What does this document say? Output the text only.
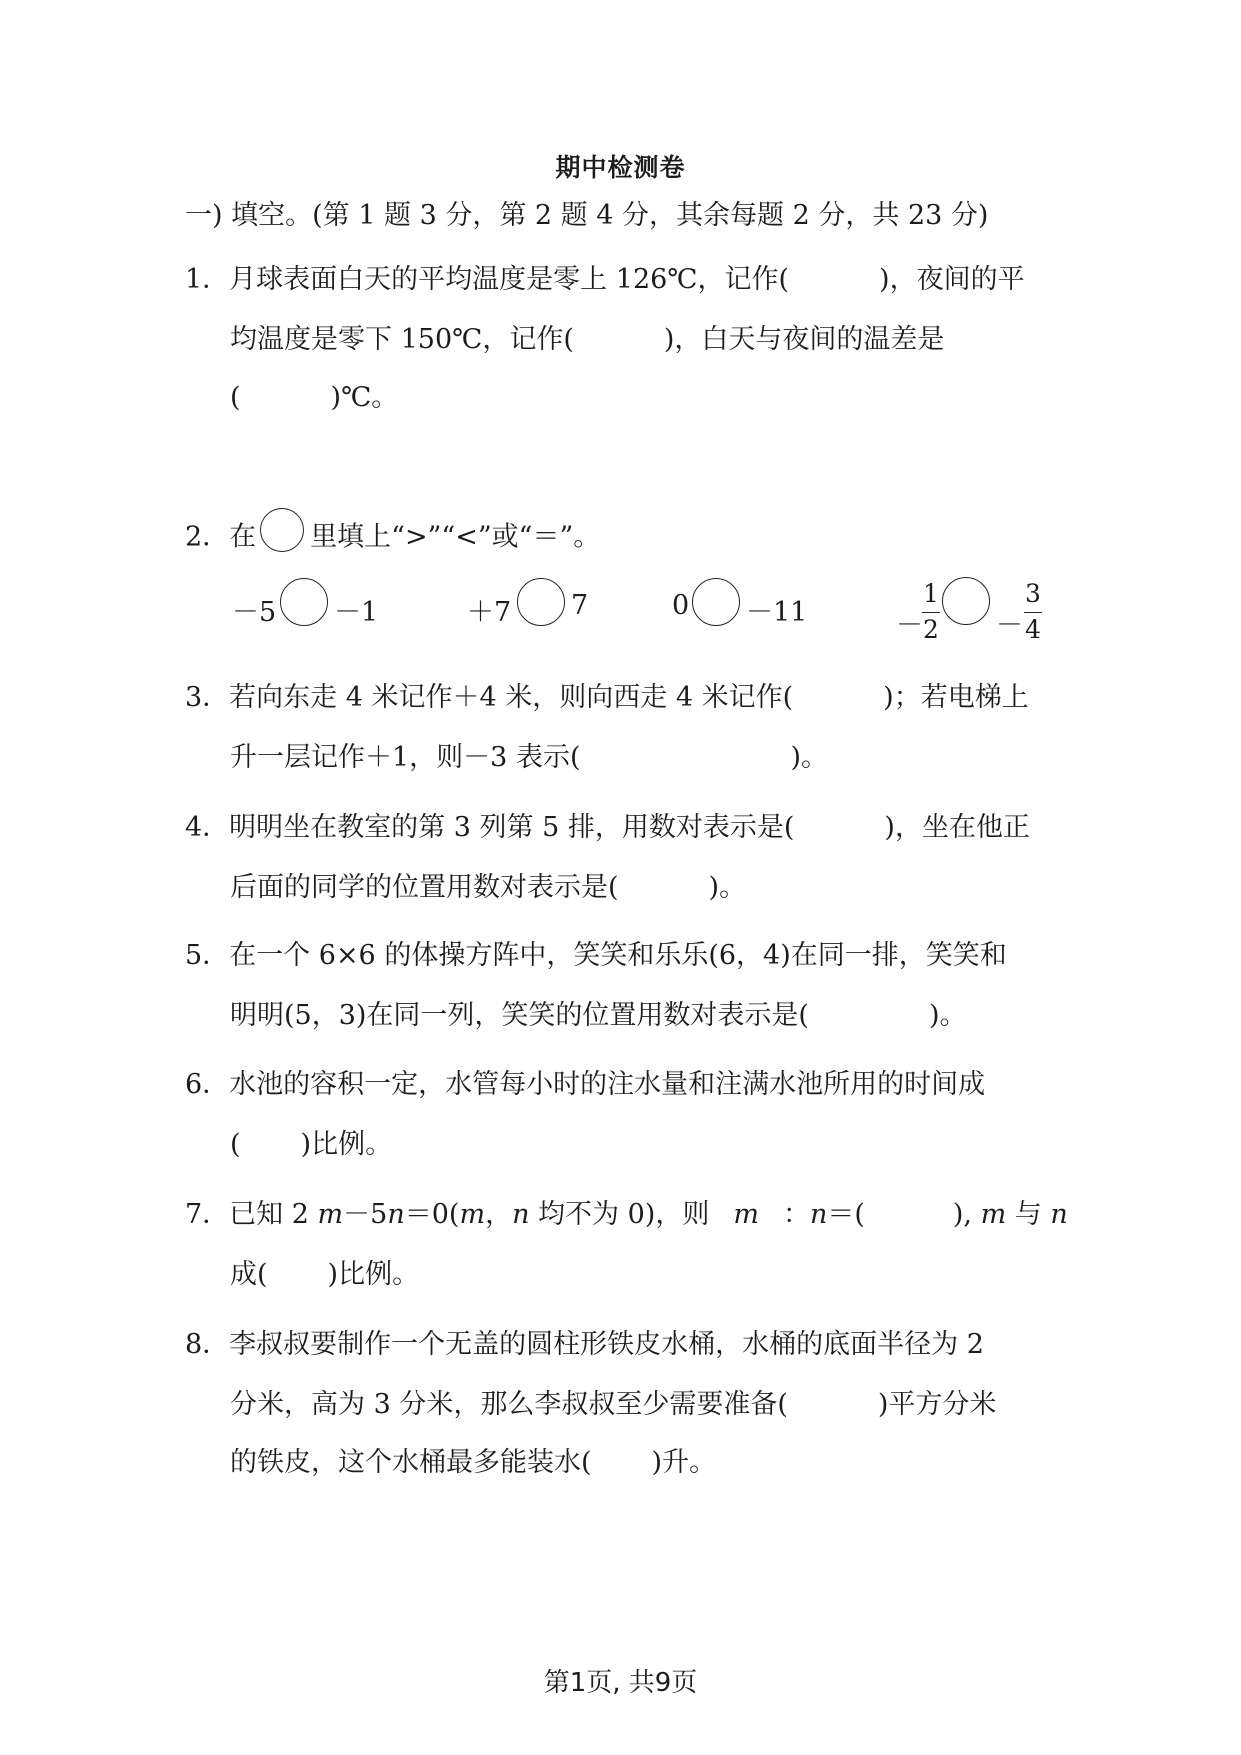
期中检测卷
一) 填空。(第 1 题 3 分，第 2 题 4 分，其余每题 2 分，共 23 分)
1．月球表面白天的平均温度是零上 126℃，记作(	)，夜间的平
均温度是零下 150℃，记作(	)，白天与夜间的温差是
(	)℃。
2．在 里填上“>”“<”或“＝”。
－5 －1	＋7 7	0 －11	－
1
2 －
3
4
3．若向东走 4 米记作＋4 米，则向西走 4 米记作(	)；若电梯上
升一层记作＋1，则－3 表示(	)。
4．明明坐在教室的第 3 列第 5 排，用数对表示是(	)，坐在他正
后面的同学的位置用数对表示是(	)。
5．在一个 6×6 的体操方阵中，笑笑和乐乐(6，4)在同一排，笑笑和
明明(5，3)在同一列，笑笑的位置用数对表示是(	)。
6．水池的容积一定，水管每小时的注水量和注满水池所用的时间成
( )比例。
7．已知 2 m－5n＝0(m，n 均不为 0)，则 m ：n＝(	), m 与 n
成( )比例。
8．李叔叔要制作一个无盖的圆柱形铁皮水桶，水桶的底面半径为 2
分米，高为 3 分米，那么李叔叔至少需要准备(	)平方分米
的铁皮，这个水桶最多能装水( )升。
第1页, 共9页
